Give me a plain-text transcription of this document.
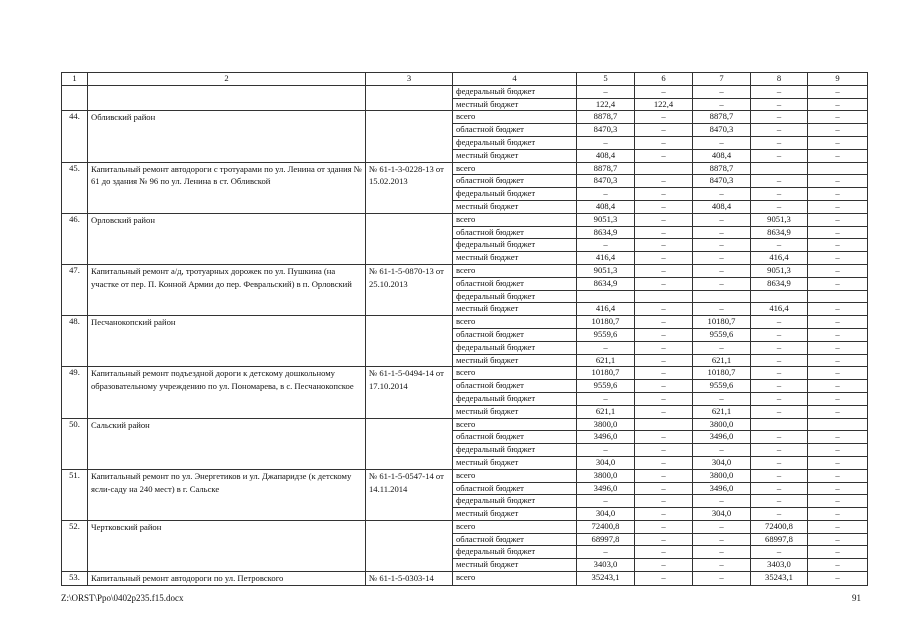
1	2	3	4	5	6	7	8	9
			федеральный бюджет	–	–	–	–	–
			местный бюджет	122,4	122,4	–	–	–
44.	Обливский район		всего	8878,7	–	8878,7	–	–
			областной бюджет	8470,3	–	8470,3	–	–
			федеральный бюджет	–	–	–	–	–
			местный бюджет	408,4	–	408,4	–	–
45.	Капитальный ремонт автодороги с тротуарами по ул. Ленина от здания № 61 до здания № 96 по ул. Ленина в ст. Обливской	№ 61-1-3-0228-13 от 15.02.2013	всего	8878,7		8878,7		
			областной бюджет	8470,3	–	8470,3	–	–
			федеральный бюджет	–	–	–	–	–
			местный бюджет	408,4	–	408,4	–	–
46.	Орловский район		всего	9051,3	–	–	9051,3	–
			областной бюджет	8634,9	–	–	8634,9	–
			федеральный бюджет	–	–	–	–	–
			местный бюджет	416,4	–	–	416,4	–
47.	Капитальный ремонт а/д, тротуарных дорожек по ул. Пушкина (на участке от пер. П. Конной Армии до пер. Февральский) в п. Орловский	№ 61-1-5-0870-13 от 25.10.2013	всего	9051,3	–	–	9051,3	–
			областной бюджет	8634,9	–	–	8634,9	–
			федеральный бюджет					
			местный бюджет	416,4	–	–	416,4	–
48.	Песчанокопский район		всего	10180,7	–	10180,7	–	–
			областной бюджет	9559,6	–	9559,6	–	–
			федеральный бюджет	–	–	–	–	–
			местный бюджет	621,1	–	621,1	–	–
49.	Капитальный ремонт подъездной дороги к детскому дошкольному образовательному учреждению по ул. Пономарева, в с. Песчанокопское	№ 61-1-5-0494-14 от 17.10.2014	всего	10180,7	–	10180,7	–	–
			областной бюджет	9559,6	–	9559,6	–	–
			федеральный бюджет	–	–	–	–	–
			местный бюджет	621,1	–	621,1	–	–
50.	Сальский район		всего	3800,0		3800,0		
			областной бюджет	3496,0	–	3496,0	–	–
			федеральный бюджет	–	–	–	–	–
			местный бюджет	304,0	–	304,0	–	–
51.	Капитальный ремонт по ул. Энергетиков и ул. Джапаридзе (к детскому ясли-саду на 240 мест) в г. Сальске	№ 61-1-5-0547-14 от 14.11.2014	всего	3800,0	–	3800,0	–	–
			областной бюджет	3496,0	–	3496,0	–	–
			федеральный бюджет	–	–	–	–	–
			местный бюджет	304,0	–	304,0	–	–
52.	Чертковский район		всего	72400,8	–	–	72400,8	–
			областной бюджет	68997,8	–	–	68997,8	–
			федеральный бюджет	–	–	–	–	–
			местный бюджет	3403,0	–	–	3403,0	–
53.	Капитальный ремонт автодороги по ул. Петровского	№ 61-1-5-0303-14	всего	35243,1	–	–	35243,1	–
Z:\ORST\Ppo\0402p235.f15.docx	91
